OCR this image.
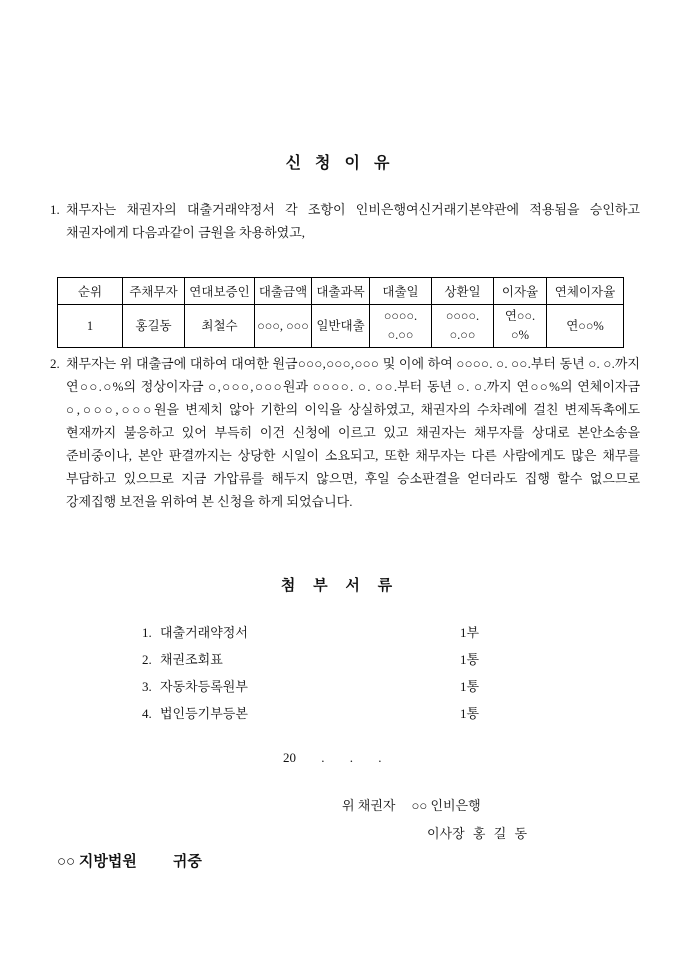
신 청 이 유
1. 채무자는 채권자의 대출거래약정서 각 조항이 인비은행여신거래기본약관에 적용됨을 승인하고 채권자에게 다음과같이 금원을 차용하였고,
순위	주채무자	연대보증인	대출금액	대출과목	대출일	상환일	이자율	연체이자율
1	홍길동	최철수	○○○, ○○○	일반대출	○○○○. ○.○○	○○○○. ○.○○	연○○. ○%	연○○%
2. 채무자는 위 대출금에 대하여 대여한 원금○○○,○○○,○○○ 및 이에 하여 ○○○○. ○. ○○.부터 동년 ○. ○.까지 연○○.○%의 정상이자금 ○,○○○,○○○원과 ○○○○. ○. ○○.부터 동년 ○. ○.까지 연○○%의 연체이자금 ○,○○○,○○○원을 변제치 않아 기한의 이익을 상실하였고, 채권자의 수차례에 걸친 변제독촉에도 현재까지 불응하고 있어 부득히 이건 신청에 이르고 있고 채권자는 채무자를 상대로 본안소송을 준비중이나, 본안 판결까지는 상당한 시일이 소요되고, 또한 채무자는 다른 사람에게도 많은 채무를 부담하고 있으므로 지금 가압류를 해두지 않으면, 후일 승소판결을 얻더라도 집행 할수 없으므로 강제집행 보전을 위하여 본 신청을 하게 되었습니다.
첨 부 서 류
1. 대출거래약정서	1부
2. 채권조회표	1통
3. 자동차등록원부	1통
4. 법인등기부등본	1통
20 . . .
위 채권자 ○○ 인비은행
이사장 홍 길 동
○○ 지방법원 귀중
